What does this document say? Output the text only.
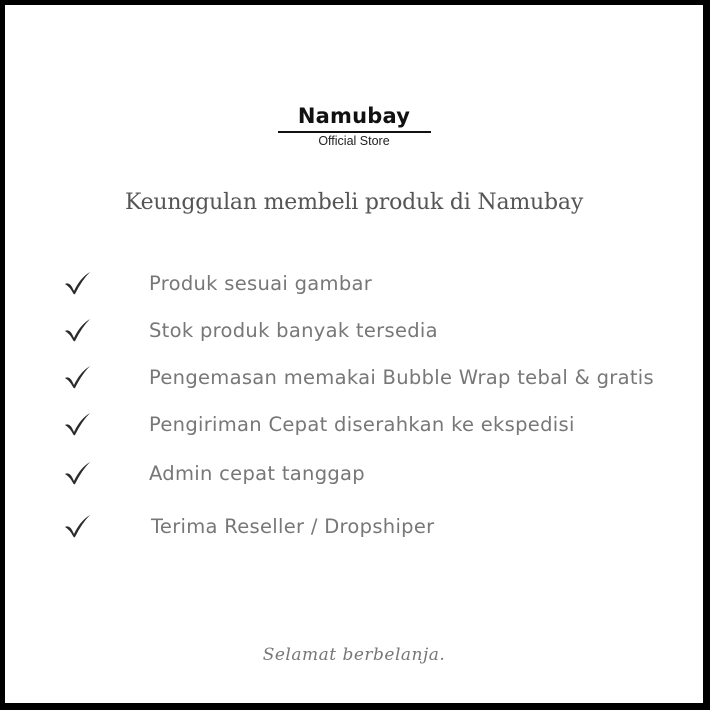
Namubay
Official Store
Keunggulan membeli produk di Namubay
Produk sesuai gambar
Stok produk banyak tersedia
Pengemasan memakai Bubble Wrap tebal & gratis
Pengiriman Cepat diserahkan ke ekspedisi
Admin cepat tanggap
Terima Reseller / Dropshiper
Selamat berbelanja.
